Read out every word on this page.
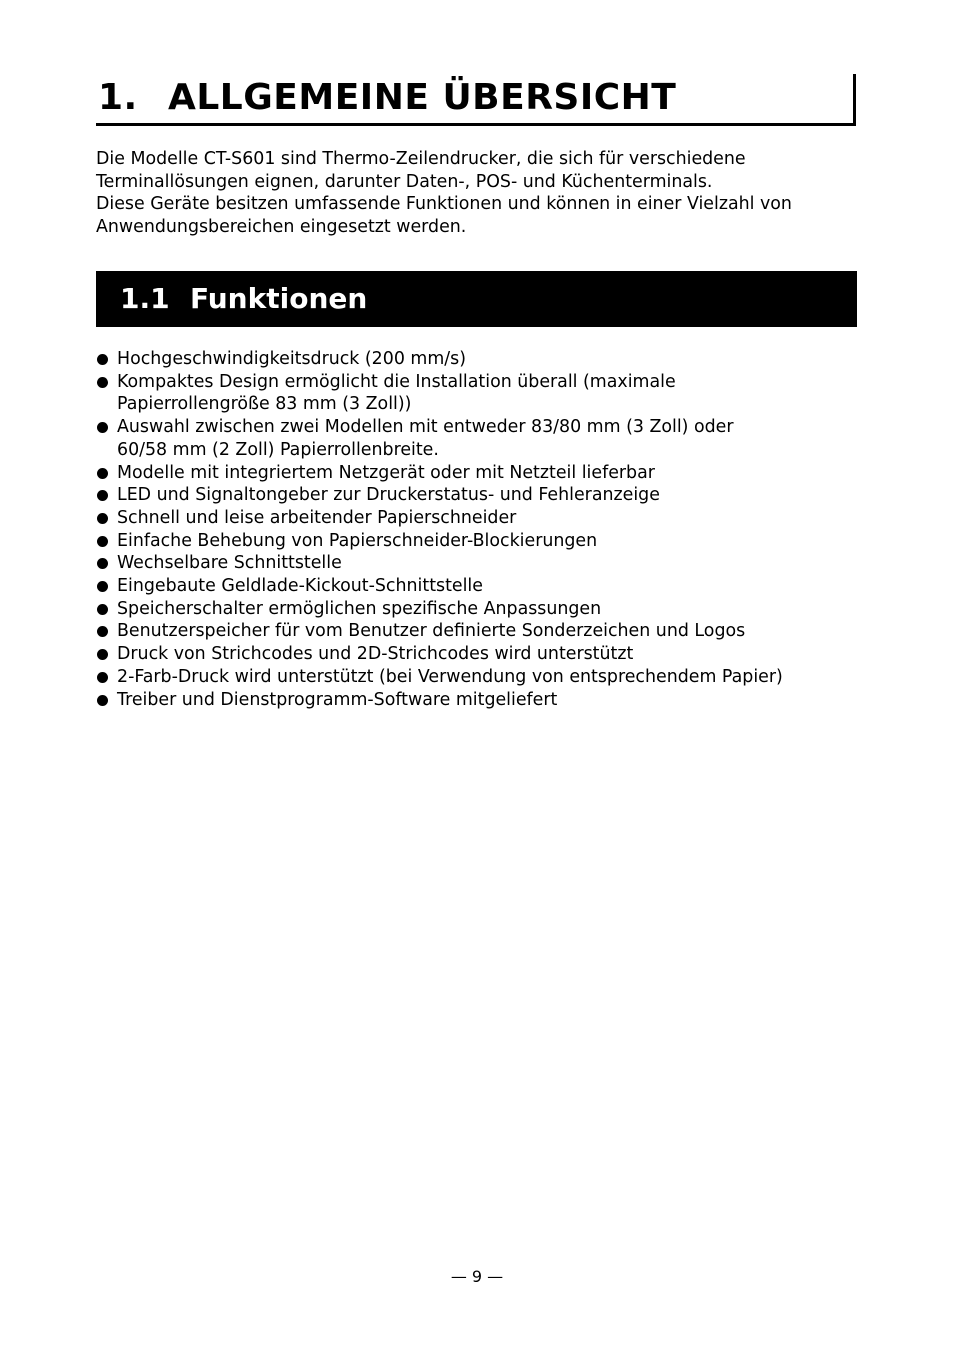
1. ALLGEMEINE ÜBERSICHT

Die Modelle CT-S601 sind Thermo-Zeilendrucker, die sich für verschiedene
Terminallösungen eignen, darunter Daten-, POS- und Küchenterminals.
Diese Geräte besitzen umfassende Funktionen und können in einer Vielzahl von
Anwendungsbereichen eingesetzt werden.

1.1 Funktionen
Hochgeschwindigkeitsdruck (200 mm/s)
Kompaktes Design ermöglicht die Installation überall (maximale
Papierrollengröße 83 mm (3 Zoll))
Auswahl zwischen zwei Modellen mit entweder 83/80 mm (3 Zoll) oder
60/58 mm (2 Zoll) Papierrollenbreite.
Modelle mit integriertem Netzgerät oder mit Netzteil lieferbar
LED und Signaltongeber zur Druckerstatus- und Fehleranzeige
Schnell und leise arbeitender Papierschneider
Einfache Behebung von Papierschneider-Blockierungen
Wechselbare Schnittstelle
Eingebaute Geldlade-Kickout-Schnittstelle
Speicherschalter ermöglichen spezifische Anpassungen
Benutzerspeicher für vom Benutzer definierte Sonderzeichen und Logos
Druck von Strichcodes und 2D-Strichcodes wird unterstützt
2-Farb-Druck wird unterstützt (bei Verwendung von entsprechendem Papier)
Treiber und Dienstprogramm-Software mitgeliefert
— 9 —
